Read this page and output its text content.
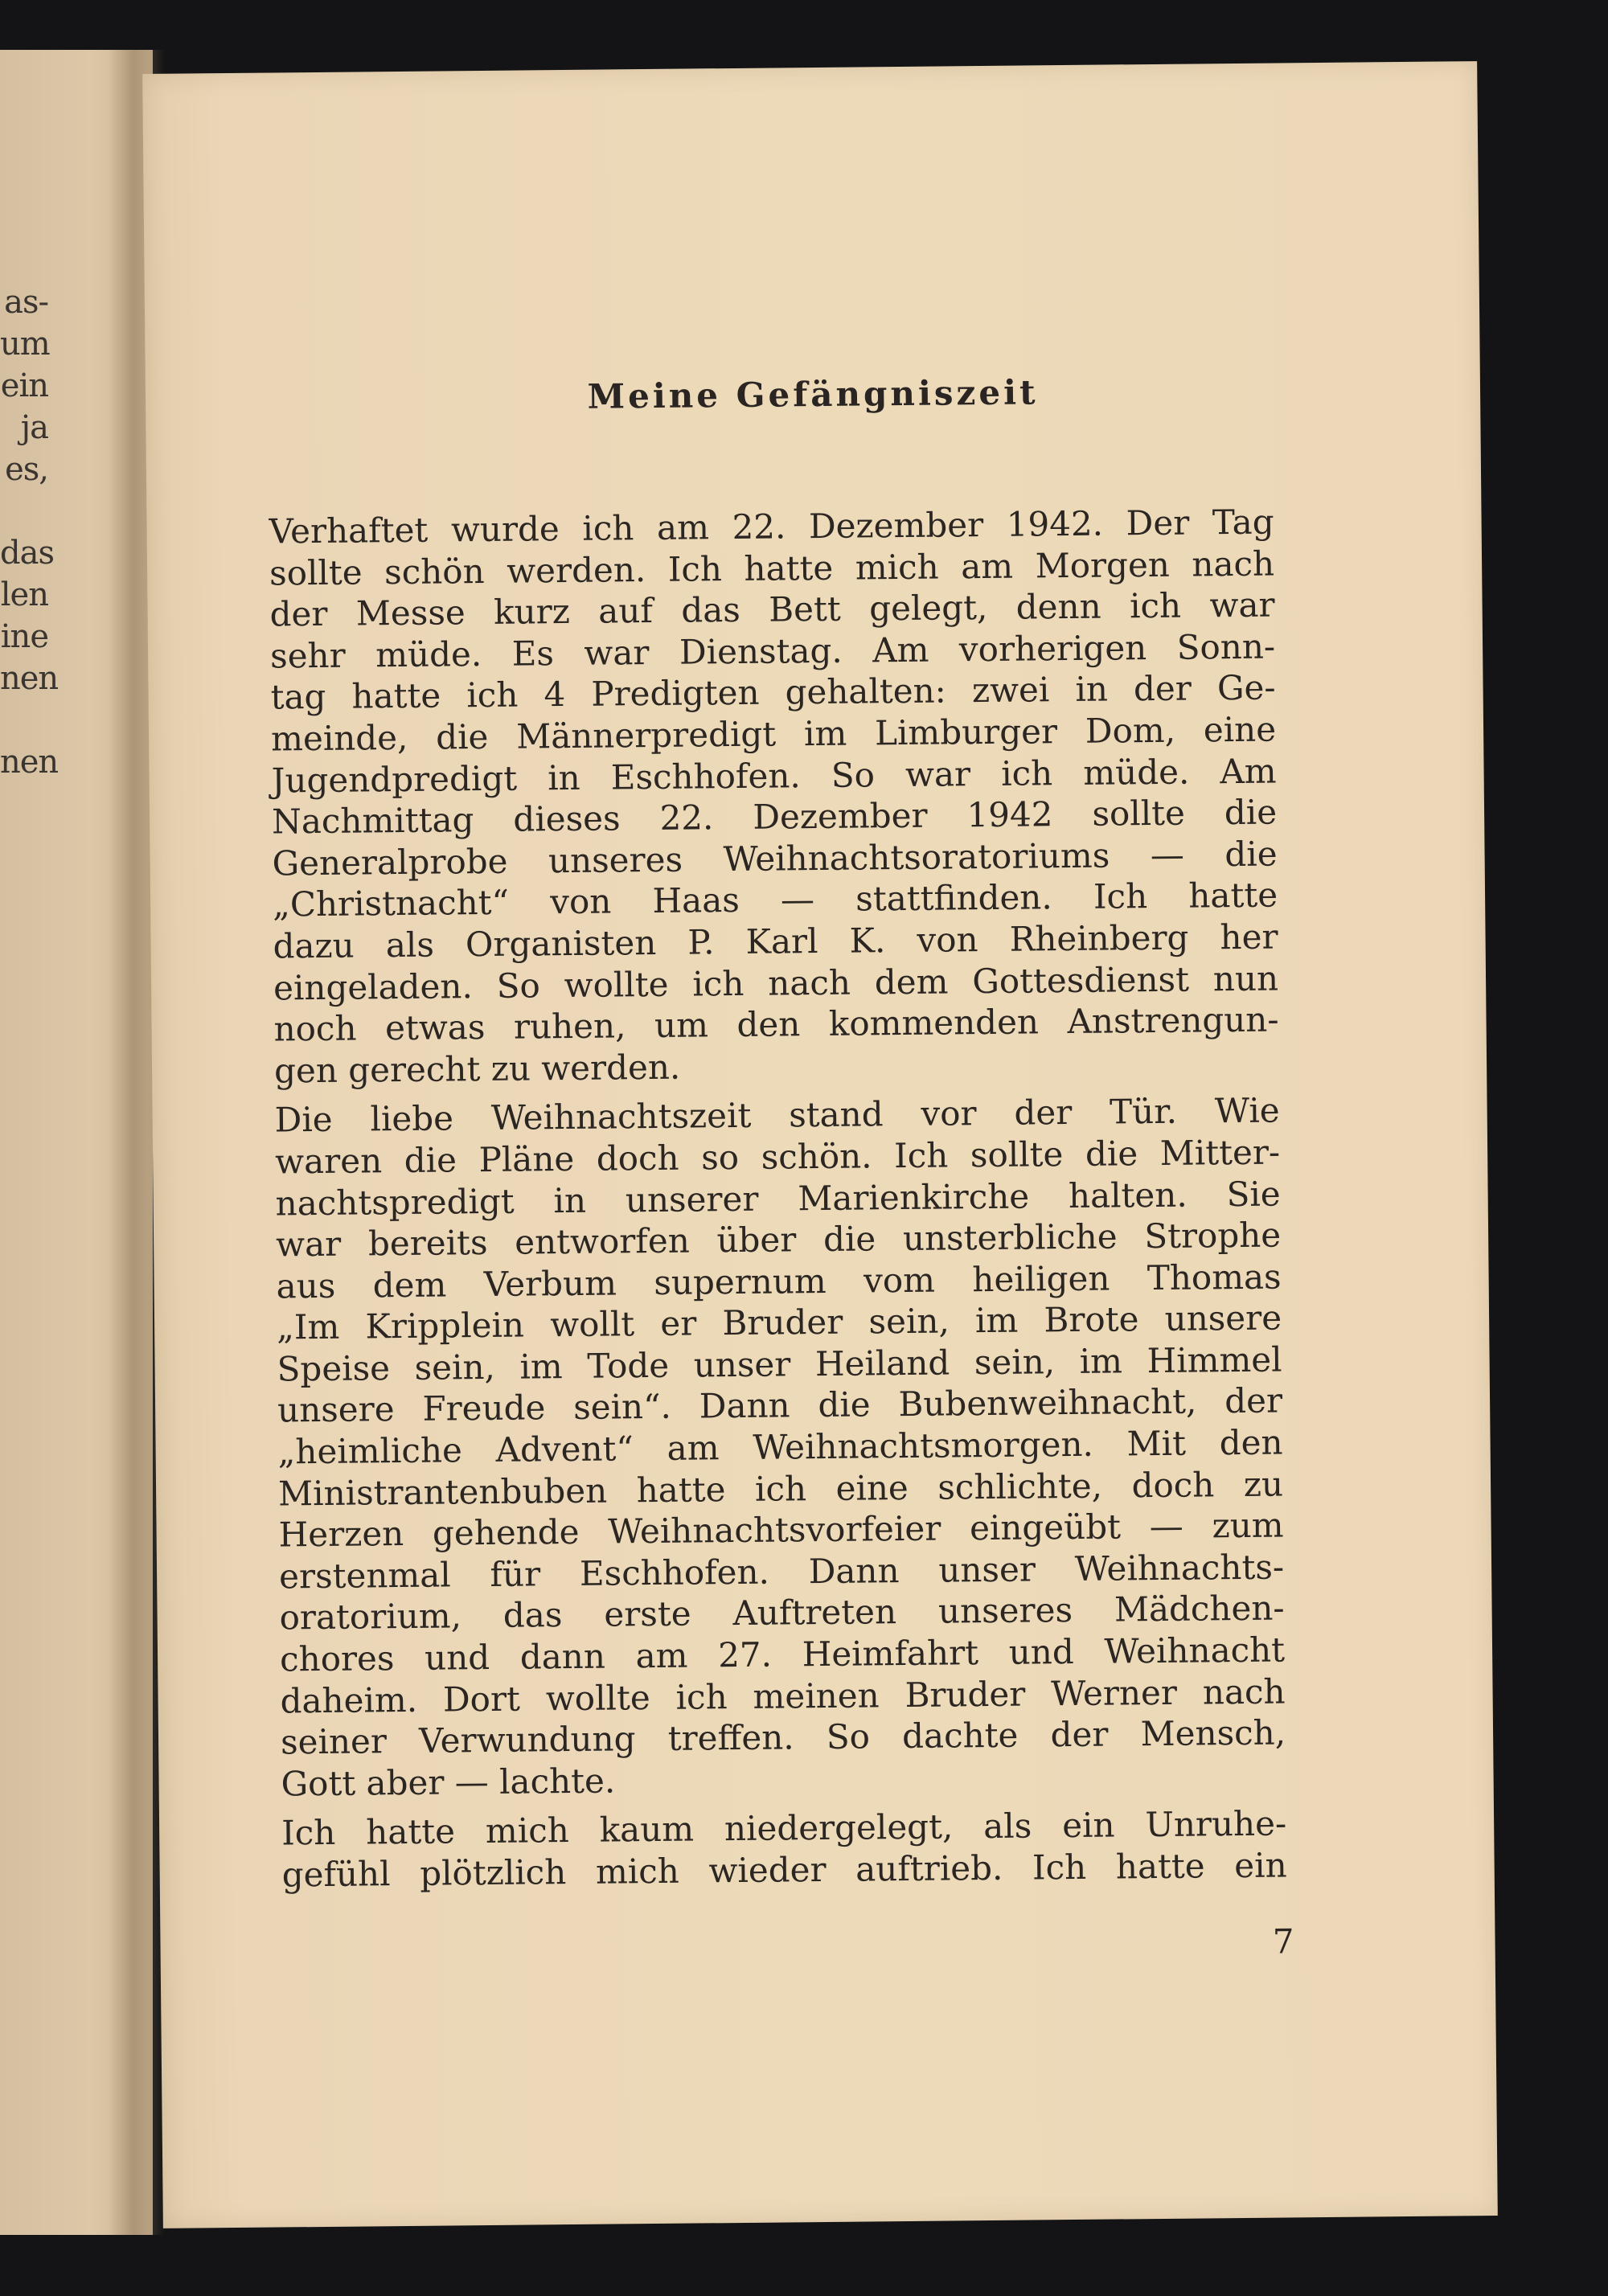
as-
um
ein
ja
es,
das
len
ine
nen
nen
Meine Gefängniszeit
Verhaftet wurde ich am 22. Dezember 1942. Der Tag
sollte schön werden. Ich hatte mich am Morgen nach
der Messe kurz auf das Bett gelegt, denn ich war
sehr müde. Es war Dienstag. Am vorherigen Sonn-
tag hatte ich 4 Predigten gehalten: zwei in der Ge-
meinde, die Männerpredigt im Limburger Dom, eine
Jugendpredigt in Eschhofen. So war ich müde. Am
Nachmittag dieses 22. Dezember 1942 sollte die
Generalprobe unseres Weihnachtsoratoriums — die
„Christnacht“ von Haas — stattfinden. Ich hatte
dazu als Organisten P. Karl K. von Rheinberg her
eingeladen. So wollte ich nach dem Gottesdienst nun
noch etwas ruhen, um den kommenden Anstrengun-
gen gerecht zu werden.
Die liebe Weihnachtszeit stand vor der Tür. Wie
waren die Pläne doch so schön. Ich sollte die Mitter-
nachtspredigt in unserer Marienkirche halten. Sie
war bereits entworfen über die unsterbliche Strophe
aus dem Verbum supernum vom heiligen Thomas
„Im Kripplein wollt er Bruder sein, im Brote unsere
Speise sein, im Tode unser Heiland sein, im Himmel
unsere Freude sein“. Dann die Bubenweihnacht, der
„heimliche Advent“ am Weihnachtsmorgen. Mit den
Ministrantenbuben hatte ich eine schlichte, doch zu
Herzen gehende Weihnachtsvorfeier eingeübt — zum
erstenmal für Eschhofen. Dann unser Weihnachts-
oratorium, das erste Auftreten unseres Mädchen-
chores und dann am 27. Heimfahrt und Weihnacht
daheim. Dort wollte ich meinen Bruder Werner nach
seiner Verwundung treffen. So dachte der Mensch,
Gott aber — lachte.
Ich hatte mich kaum niedergelegt, als ein Unruhe-
gefühl plötzlich mich wieder auftrieb. Ich hatte ein
7
